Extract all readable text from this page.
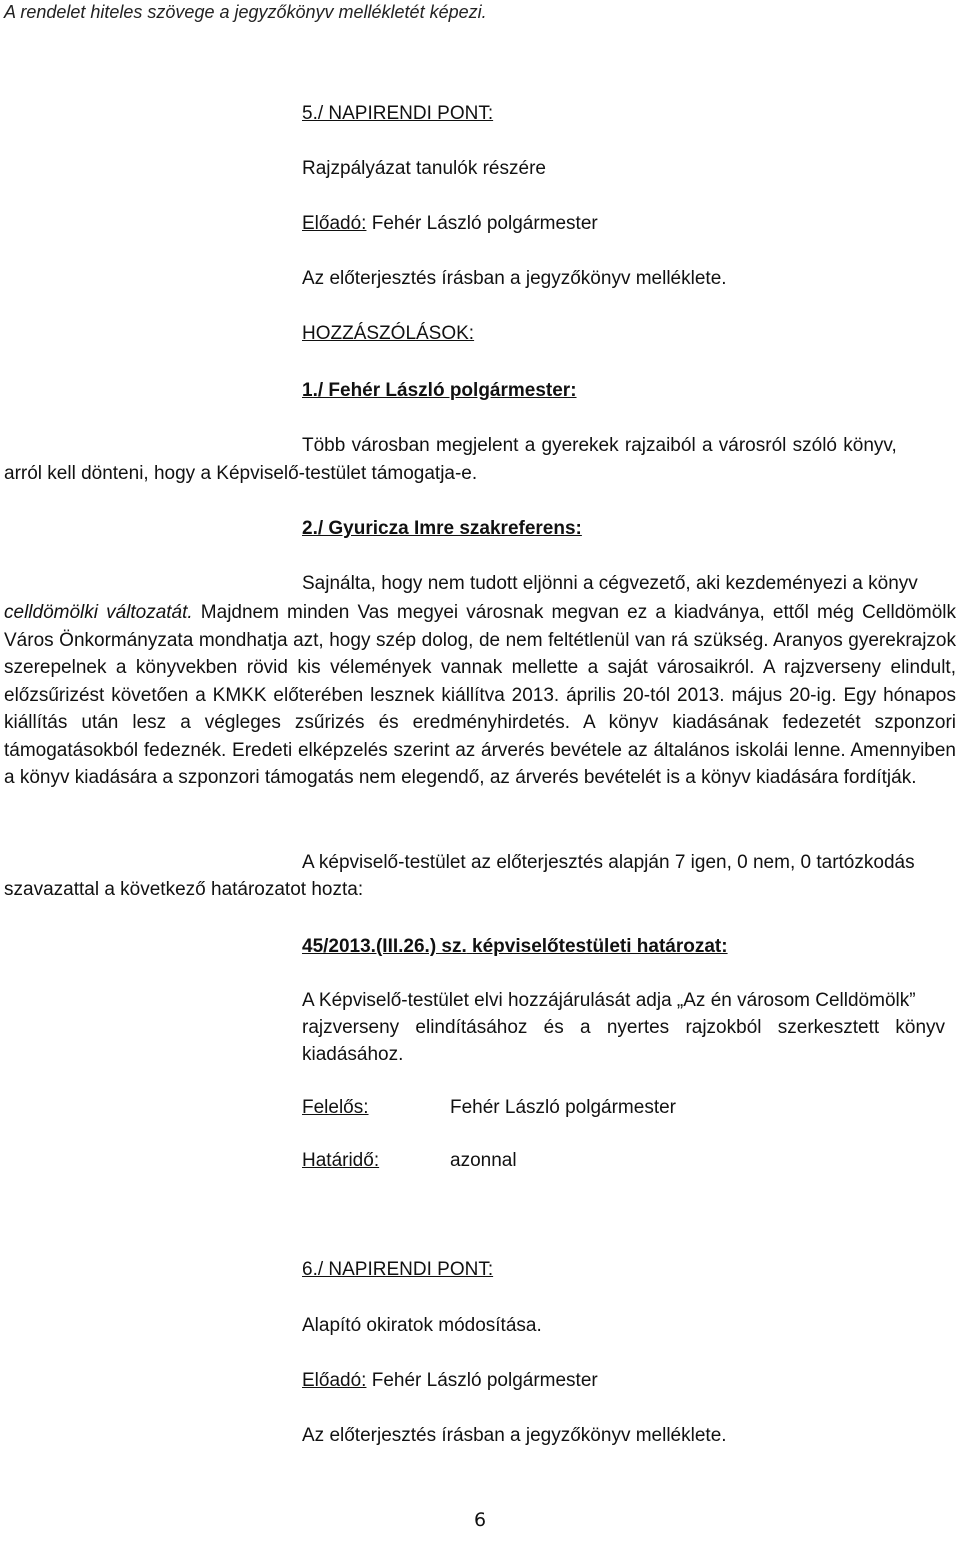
A rendelet hiteles szövege a jegyzőkönyv mellékletét képezi.
5./ NAPIRENDI PONT:
Rajzpályázat tanulók részére
Előadó: Fehér László polgármester
Az előterjesztés írásban a jegyzőkönyv melléklete.
HOZZÁSZÓLÁSOK:
1./ Fehér László polgármester:
Több városban megjelent a gyerekek rajzaiból a városról szóló könyv,
arról kell dönteni, hogy a Képviselő-testület támogatja-e.
2./ Gyuricza Imre szakreferens:
Sajnálta, hogy nem tudott eljönni a cégvezető, aki kezdeményezi a könyv
celldömölki változatát. Majdnem minden Vas megyei városnak megvan ez a kiadványa, ettől még Celldömölk Város Önkormányzata mondhatja azt, hogy szép dolog, de nem feltétlenül van rá szükség. Aranyos gyerekrajzok szerepelnek a könyvekben rövid kis vélemények vannak mellette a saját városaikról. A rajzverseny elindult, előzsűrizést követően a KMKK előterében lesznek kiállítva 2013. április 20-tól 2013. május 20-ig. Egy hónapos kiállítás után lesz a végleges zsűrizés és eredményhirdetés. A könyv kiadásának fedezetét szponzori támogatásokból fedeznék. Eredeti elképzelés szerint az árverés bevétele az általános iskolái lenne. Amennyiben a könyv kiadására a szponzori támogatás nem elegendő, az árverés bevételét is a könyv kiadására fordítják.
A képviselő-testület az előterjesztés alapján 7 igen, 0 nem, 0 tartózkodás
szavazattal a következő határozatot hozta:
45/2013.(III.26.) sz. képviselőtestületi határozat:
A Képviselő-testület elvi hozzájárulását adja „Az én városom Celldömölk”
rajzverseny elindításához és a nyertes rajzokból szerkesztett könyv
kiadásához.
Felelős:	Fehér László polgármester
Határidő:	azonnal
6./ NAPIRENDI PONT:
Alapító okiratok módosítása.
Előadó: Fehér László polgármester
Az előterjesztés írásban a jegyzőkönyv melléklete.
6
